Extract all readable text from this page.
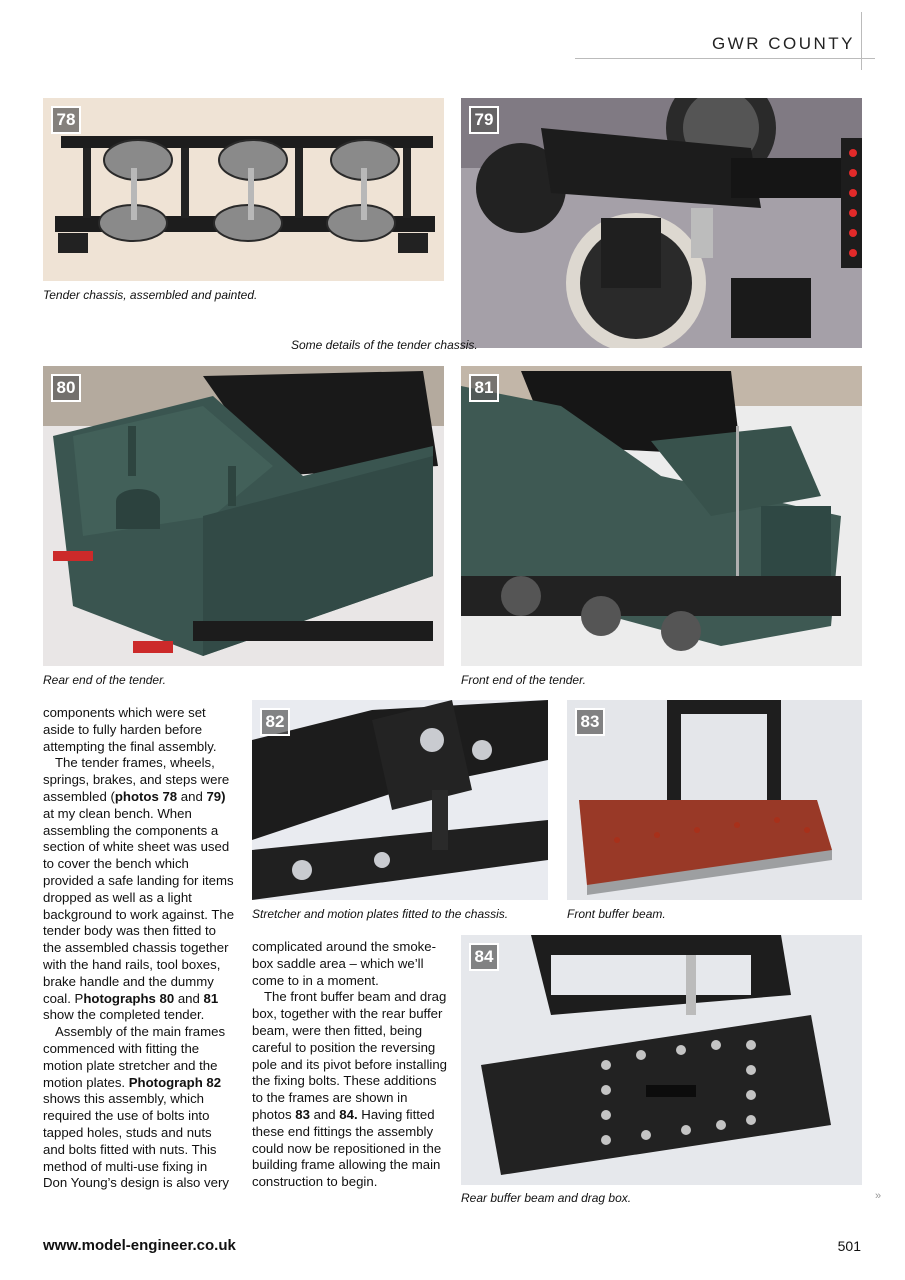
GWR COUNTY
78
Tender chassis, assembled and painted.
79
Some details of the tender chassis.
80
Rear end of the tender.
81
Front end of the tender.
82
Stretcher and motion plates fitted to the chassis.
83
Front buffer beam.
84
Rear buffer beam and drag box.

components which were set aside to fully harden before attempting the final assembly.

The tender frames, wheels, springs, brakes, and steps were assembled (photos 78 and 79) at my clean bench. When assembling the components a section of white sheet was used to cover the bench which provided a safe landing for items dropped as well as a light background to work against. The tender body was then fitted to the assembled chassis together with the hand rails, tool boxes, brake handle and the dummy coal. Photographs 80 and 81 show the completed tender.

Assembly of the main frames commenced with fitting the motion plate stretcher and the motion plates. Photograph 82 shows this assembly, which required the use of bolts into tapped holes, studs and nuts and bolts fitted with nuts. This method of multi-use fixing in Don Young’s design is also very

complicated around the smoke-box saddle area – which we’ll come to in a moment.

The front buffer beam and drag box, together with the rear buffer beam, were then fitted, being careful to position the reversing pole and its pivot before installing the fixing bolts. These additions to the frames are shown in photos 83 and 84. Having fitted these end fittings the assembly could now be repositioned in the building frame allowing the main construction to begin.

»
www.model-engineer.co.uk	501
